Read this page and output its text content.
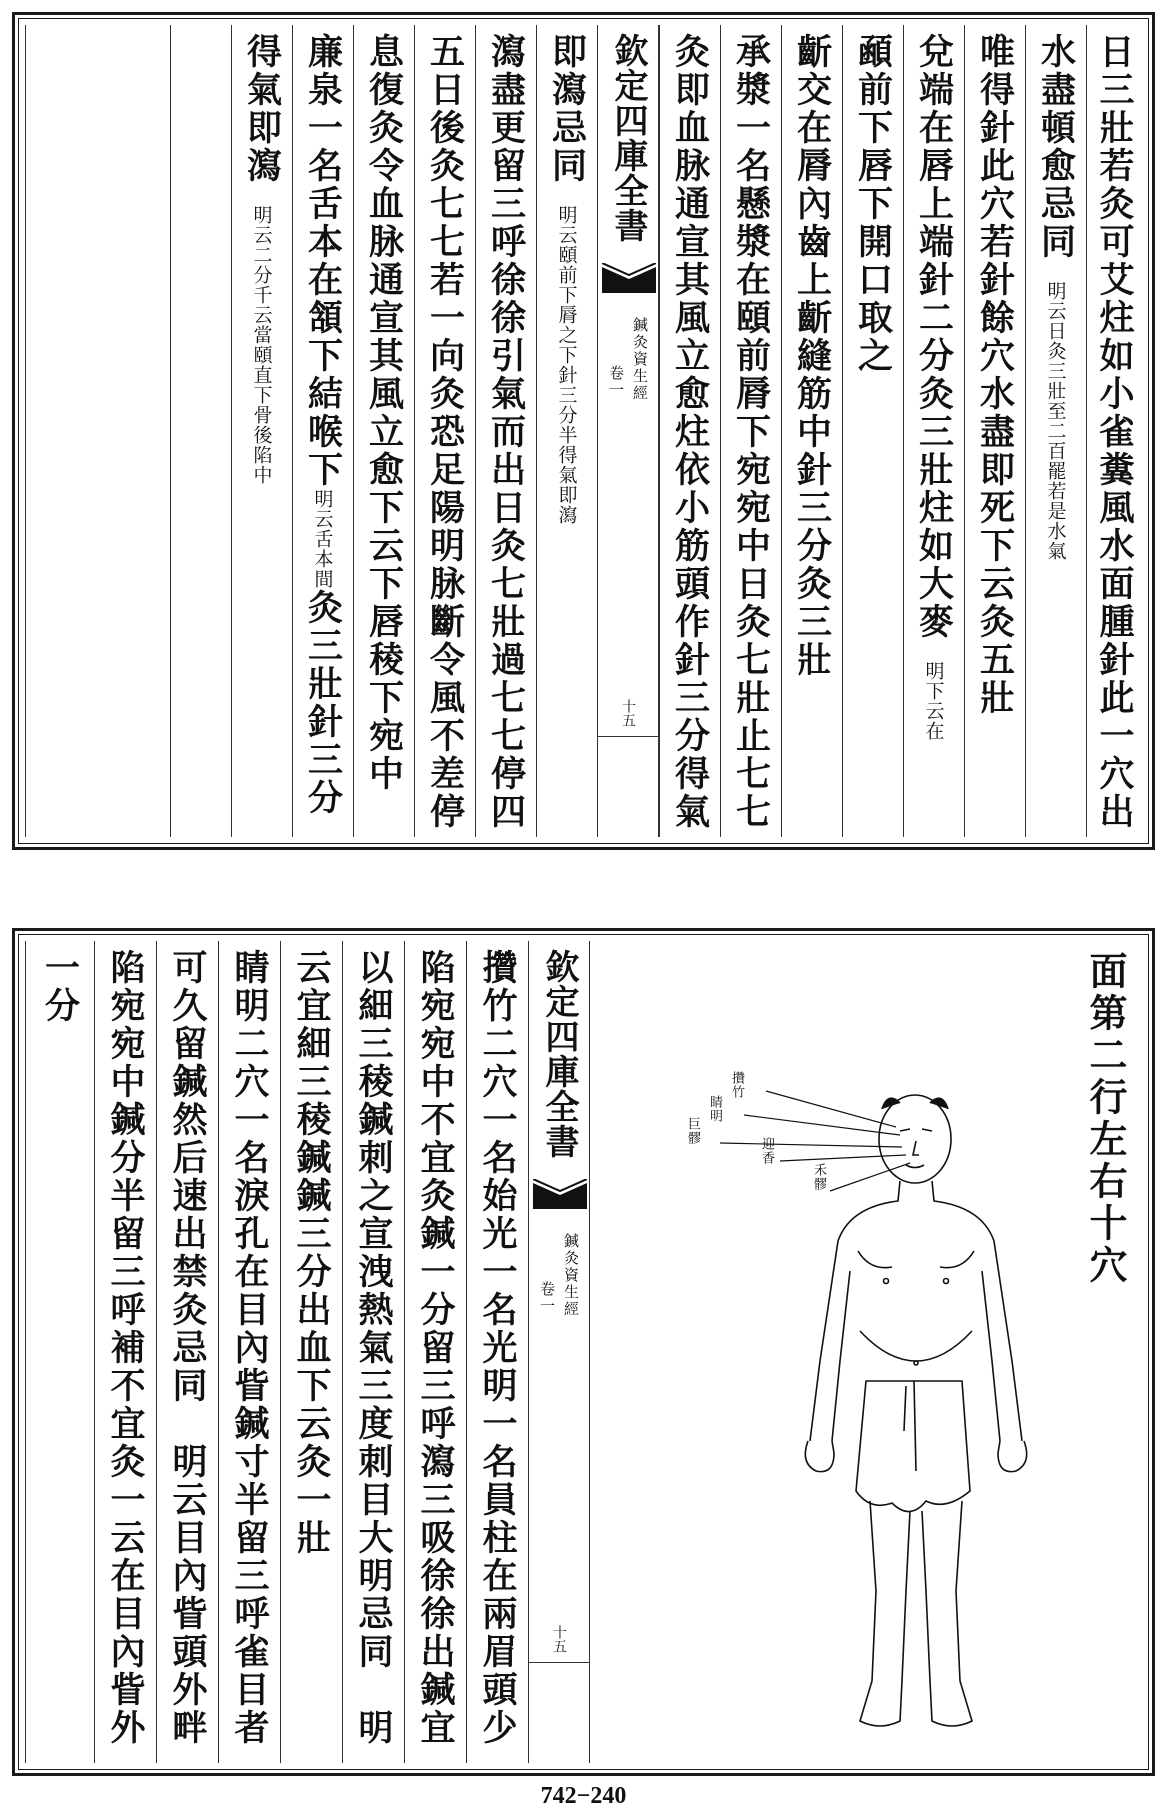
日三壯若灸可艾炷如小雀糞風水面腫針此一穴出
水盡頓愈忌同　明云日灸三壯至二百罷若是水氣
唯得針此穴若針餘穴水盡即死下云灸五壯
兌端在唇上端針二分灸三壯炷如大麥　明下云在
顄前下唇下開口取之
齗交在脣內齒上齗縫筋中針三分灸三壯
承漿一名懸漿在頤前脣下宛宛中日灸七壯止七七
灸即血脉通宣其風立愈炷依小筋頭作針三分得氣
欽定四庫全書
鍼灸資生經
卷一
十五
即瀉忌同　明云頤前下脣之下針三分半得氣即瀉
瀉盡更留三呼徐徐引氣而出日灸七壯過七七停四
五日後灸七七若一向灸恐足陽明脉斷令風不差停
息復灸令血脉通宣其風立愈下云下唇稜下宛中
廉泉一名舌本在頷下結喉下明云舌本間灸三壯針三分
得氣即瀉　明云二分千云當頤直下骨後陷中
面第二行左右十穴
攢竹
睛明
巨髎
迎香
禾髎
欽定四庫全書
鍼灸資生經
卷一
十五
攢竹二穴一名始光一名光明一名員柱在兩眉頭少
陷宛宛中不宜灸鍼一分留三呼瀉三吸徐徐出鍼宜
以細三稜鍼刺之宣洩熱氣三度刺目大明忌同　明
云宜細三稜鍼鍼三分出血下云灸一壯
睛明二穴一名淚孔在目內眥鍼寸半留三呼雀目者
可久留鍼然后速出禁灸忌同　明云目內眥頭外畔
陷宛宛中鍼分半留三呼補不宜灸一云在目內眥外
一分
742−240
